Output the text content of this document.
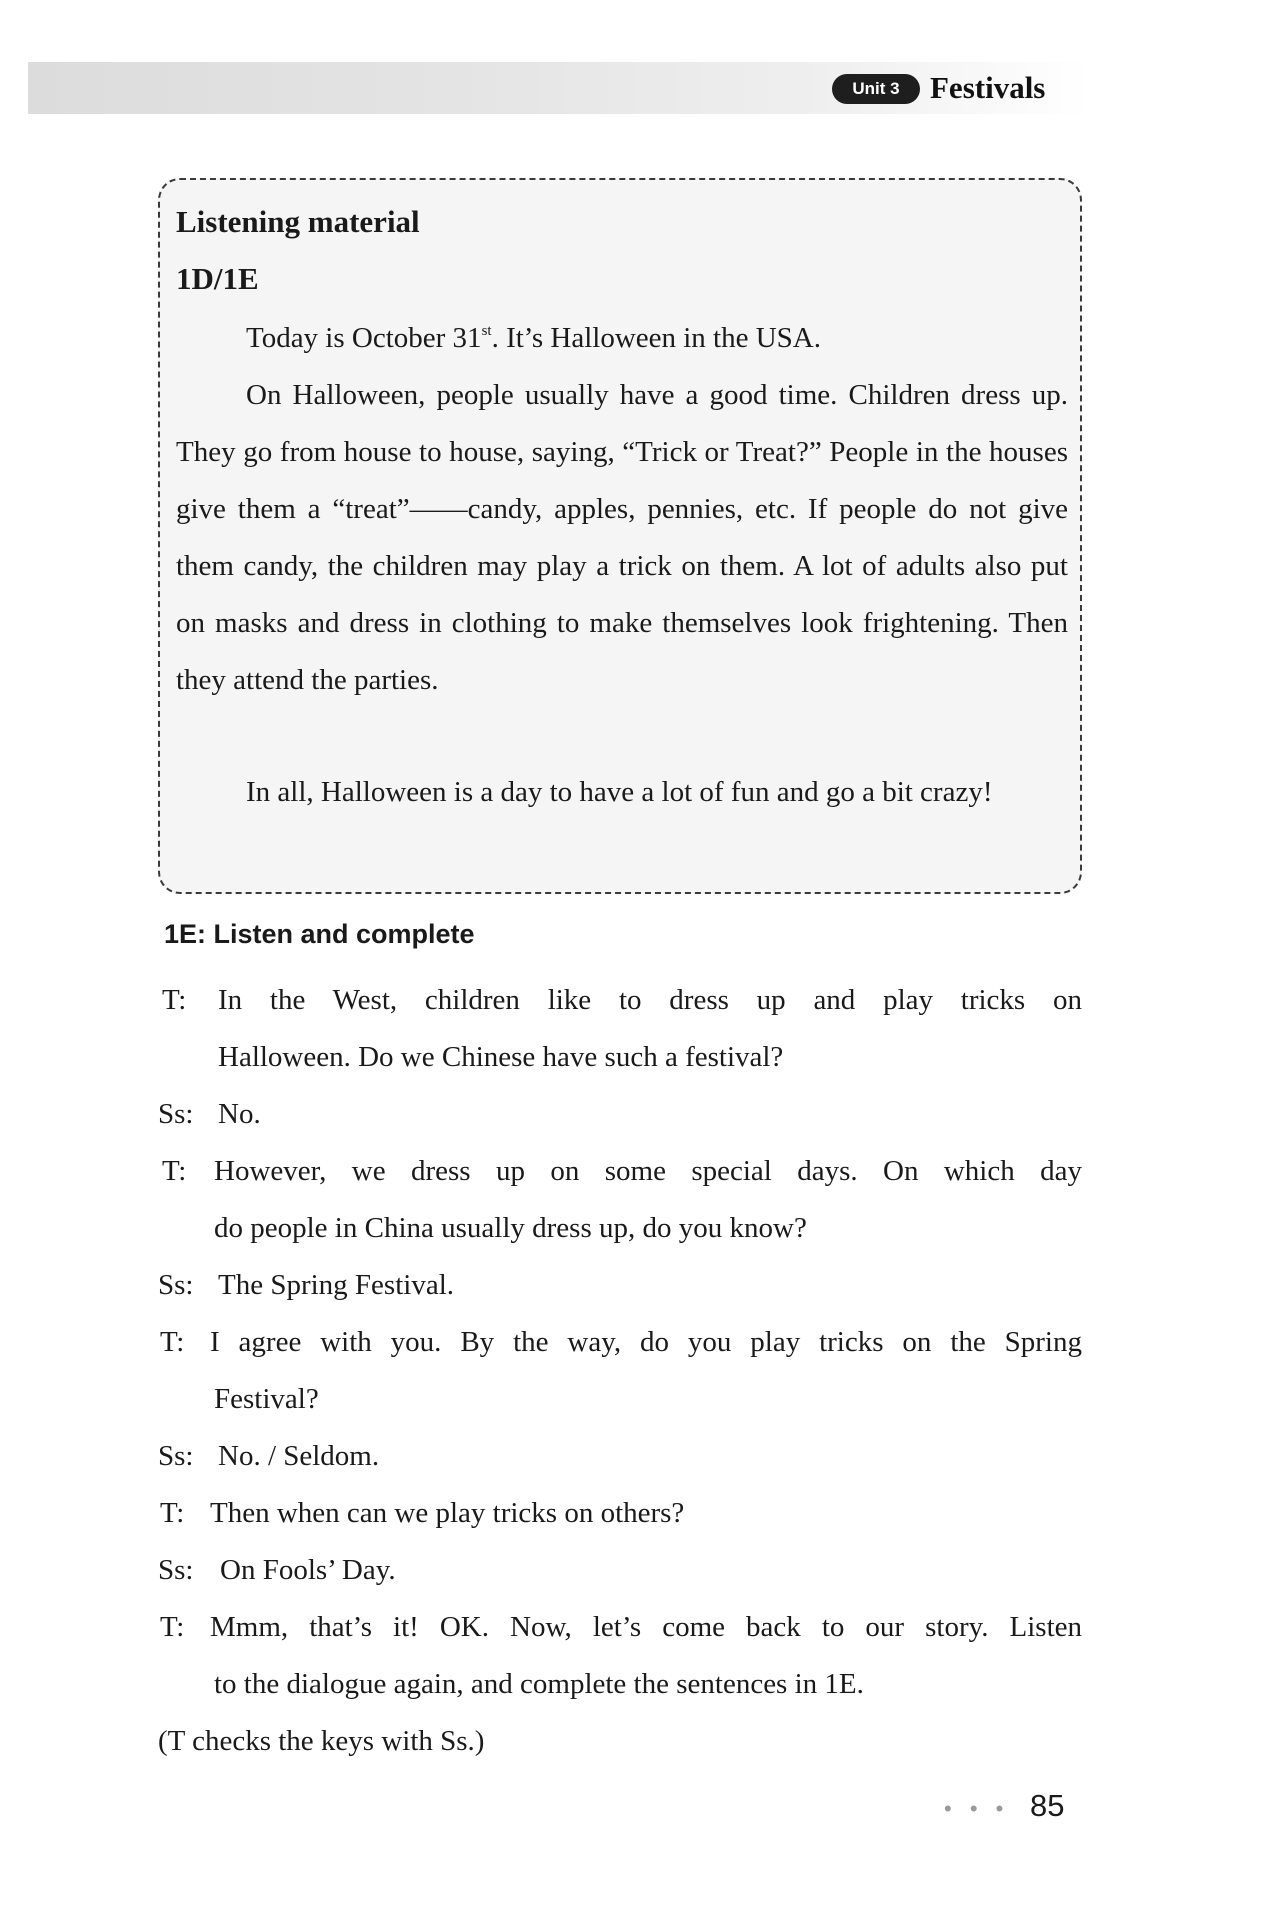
Unit 3 Festivals
Listening material
1D/1E
Today is October 31st. It’s Halloween in the USA.
On Halloween, people usually have a good time. Children dress up. They go from house to house, saying, “Trick or Treat?” People in the houses give them a “treat”——candy, apples, pennies, etc. If people do not give them candy, the children may play a trick on them. A lot of adults also put on masks and dress in clothing to make themselves look frightening. Then they attend the parties.
In all, Halloween is a day to have a lot of fun and go a bit crazy!
1E: Listen and complete
T: In the West, children like to dress up and play tricks on
Halloween. Do we Chinese have such a festival?
Ss: No.
T: However, we dress up on some special days. On which day
do people in China usually dress up, do you know?
Ss: The Spring Festival.
T: I agree with you. By the way, do you play tricks on the Spring
Festival?
Ss: No. / Seldom.
T: Then when can we play tricks on others?
Ss: On Fools’ Day.
T: Mmm, that’s it! OK. Now, let’s come back to our story. Listen
to the dialogue again, and complete the sentences in 1E.
(T checks the keys with Ss.)
• • • 85
